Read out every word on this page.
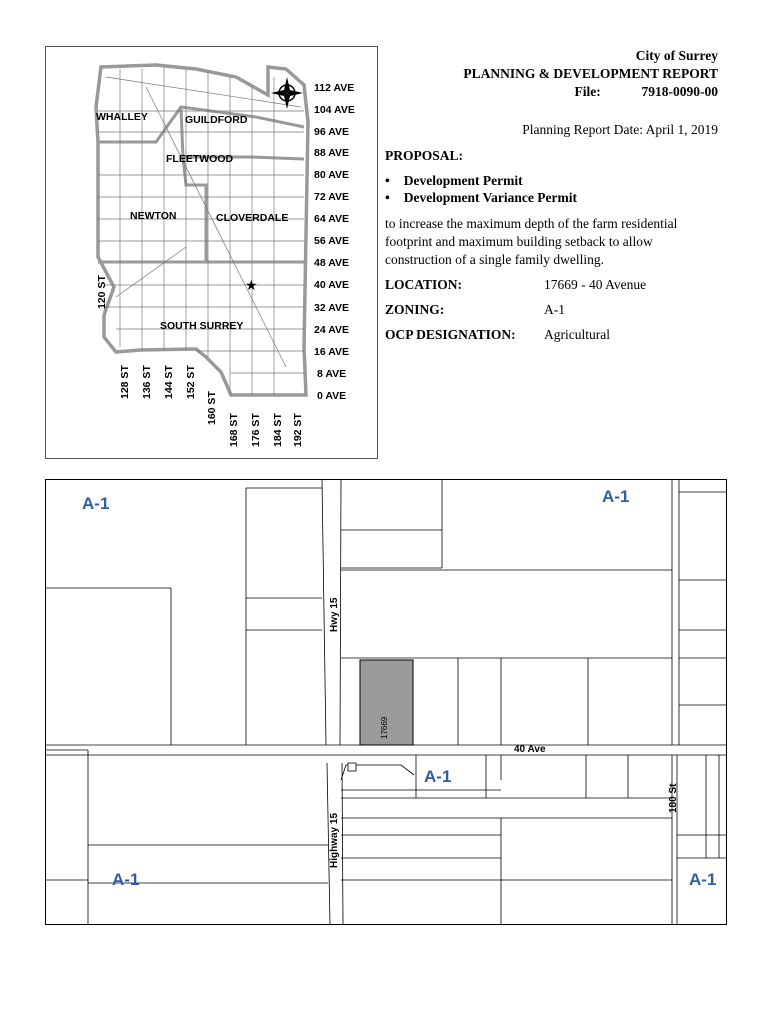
★
WHALLEY	GUILDFORD
FLEETWOOD
NEWTON	CLOVERDALE
SOUTH SURREY
112 AVE
104 AVE
96 AVE
88 AVE
80 AVE
72 AVE
64 AVE
56 AVE
48 AVE
40 AVE
32 AVE
24 AVE
16 AVE
8 AVE
0 AVE
120 ST
128 ST 136 ST 144 ST 152 ST
160 ST
168 ST 176 ST 184 ST 192 ST
City of Surrey
PLANNING & DEVELOPMENT REPORT
File:	7918-0090-00
Planning Report Date: April 1, 2019
PROPOSAL:
• Development Permit
• Development Variance Permit
to increase the maximum depth of the farm residential
footprint and maximum building setback to allow
construction of a single family dwelling.
LOCATION:	17669 - 40 Avenue
ZONING:	A-1
OCP DESIGNATION: Agricultural
A-1	A-1
A-1
A-1	A-1
Hwy 15
Highway 15
40 Ave
180 St
17669
